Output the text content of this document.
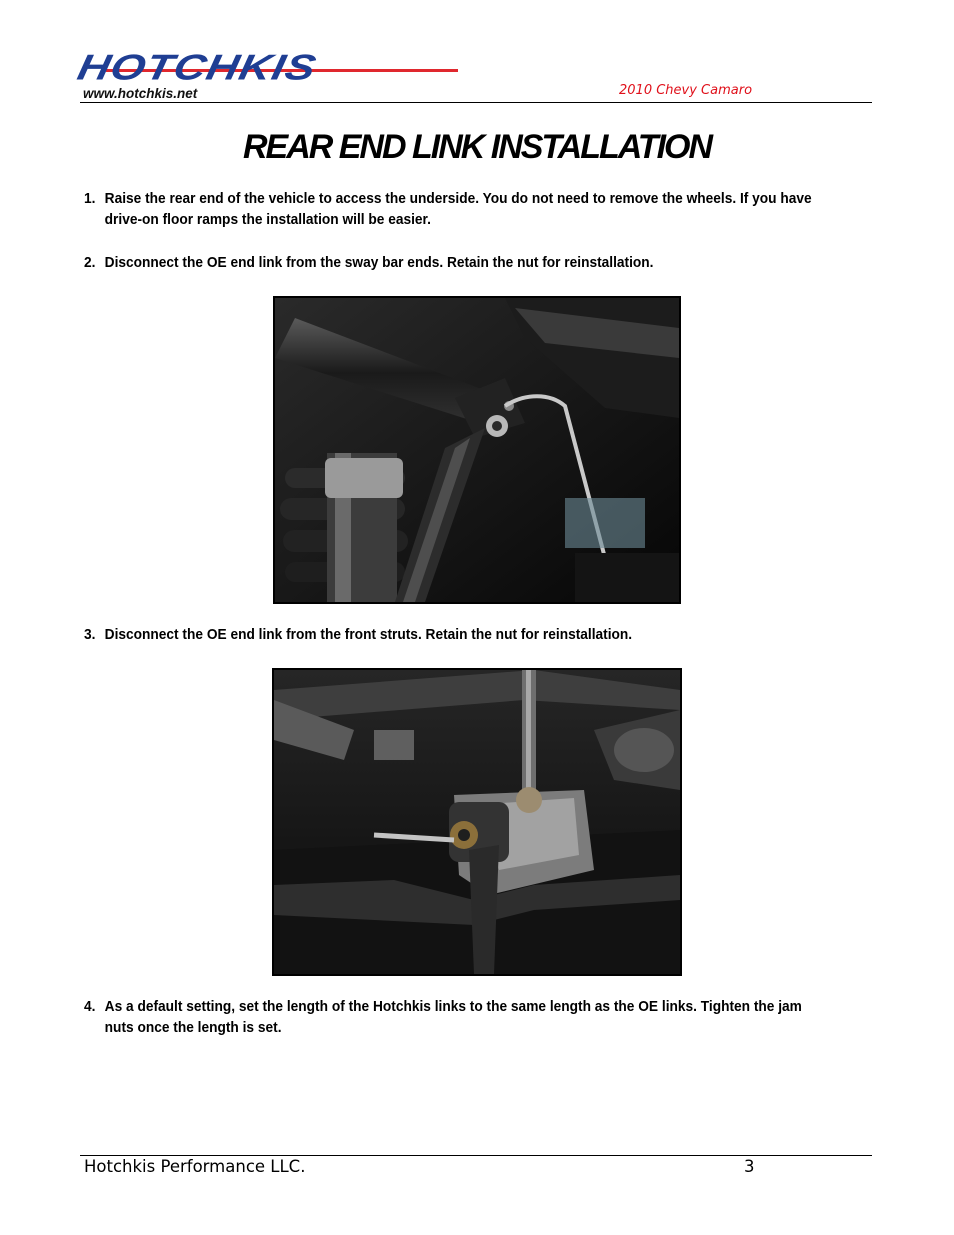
HOTCHKIS
www.hotchkis.net	2010 Chevy Camaro
REAR END LINK INSTALLATION
1. Raise the rear end of the vehicle to access the underside. You do not need to remove the wheels. If you have drive-on floor ramps the installation will be easier.
2. Disconnect the OE end link from the sway bar ends. Retain the nut for reinstallation.
3. Disconnect the OE end link from the front struts. Retain the nut for reinstallation.
4. As a default setting, set the length of the Hotchkis links to the same length as the OE links. Tighten the jam nuts once the length is set.
Hotchkis Performance LLC.	3
